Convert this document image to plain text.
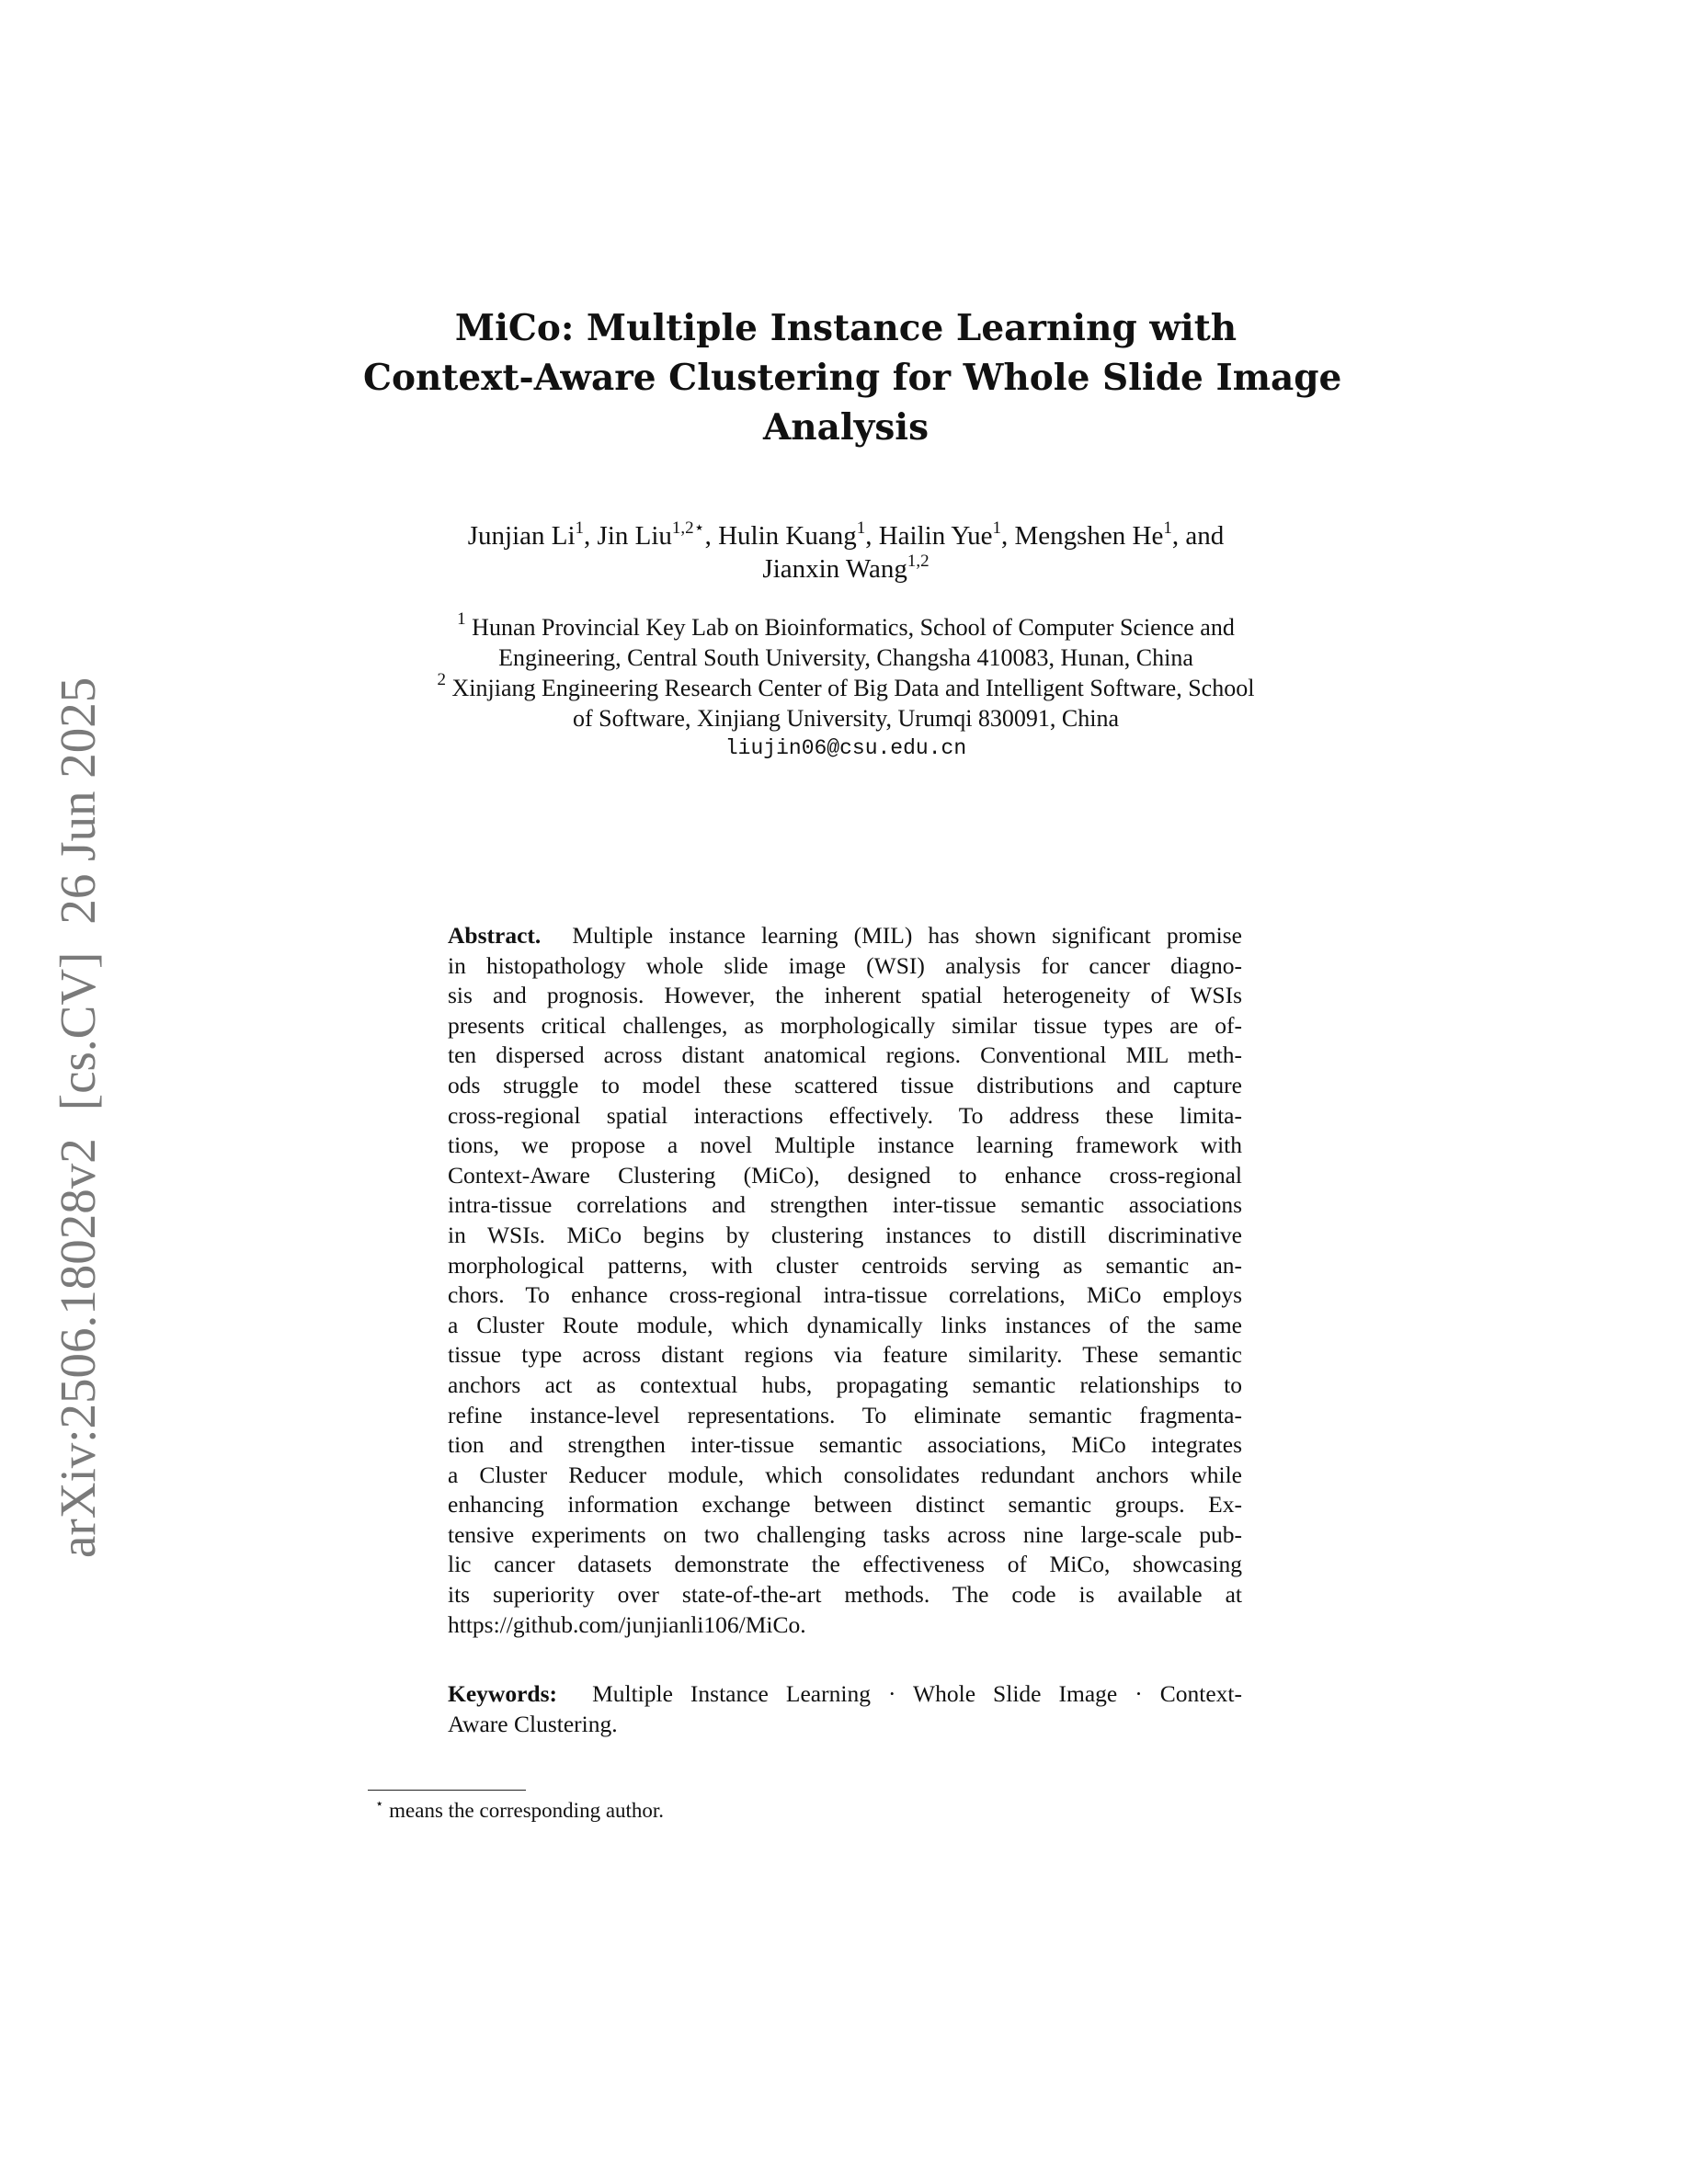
arXiv:2506.18028v2[cs.CV]26 Jun 2025
MiCo: Multiple Instance Learning with
Context-Aware Clustering for Whole Slide Image
Analysis
Junjian Li$^1$, Jin Liu$^{1,2⋆}$, Hulin Kuang$^1$, Hailin Yue$^1$, Mengshen He$^1$, and
Jianxin Wang$^{1,2}$
$^1$ Hunan Provincial Key Lab on Bioinformatics, School of Computer Science and
Engineering, Central South University, Changsha 410083, Hunan, China
$^2$ Xinjiang Engineering Research Center of Big Data and Intelligent Software, School
of Software, Xinjiang University, Urumqi 830091, China
liujin06@csu.edu.cn
Abstract. Multiple instance learning (MIL) has shown significant promise
in histopathology whole slide image (WSI) analysis for cancer diagno-
sis and prognosis. However, the inherent spatial heterogeneity of WSIs
presents critical challenges, as morphologically similar tissue types are of-
ten dispersed across distant anatomical regions. Conventional MIL meth-
ods struggle to model these scattered tissue distributions and capture
cross-regional spatial interactions effectively. To address these limita-
tions, we propose a novel Multiple instance learning framework with
Context-Aware Clustering (MiCo), designed to enhance cross-regional
intra-tissue correlations and strengthen inter-tissue semantic associations
in WSIs. MiCo begins by clustering instances to distill discriminative
morphological patterns, with cluster centroids serving as semantic an-
chors. To enhance cross-regional intra-tissue correlations, MiCo employs
a Cluster Route module, which dynamically links instances of the same
tissue type across distant regions via feature similarity. These semantic
anchors act as contextual hubs, propagating semantic relationships to
refine instance-level representations. To eliminate semantic fragmenta-
tion and strengthen inter-tissue semantic associations, MiCo integrates
a Cluster Reducer module, which consolidates redundant anchors while
enhancing information exchange between distinct semantic groups. Ex-
tensive experiments on two challenging tasks across nine large-scale pub-
lic cancer datasets demonstrate the effectiveness of MiCo, showcasing
its superiority over state-of-the-art methods. The code is available at
https://github.com/junjianli106/MiCo.
Keywords: Multiple Instance Learning · Whole Slide Image · Context-
Aware Clustering.
⋆ means the corresponding author.
